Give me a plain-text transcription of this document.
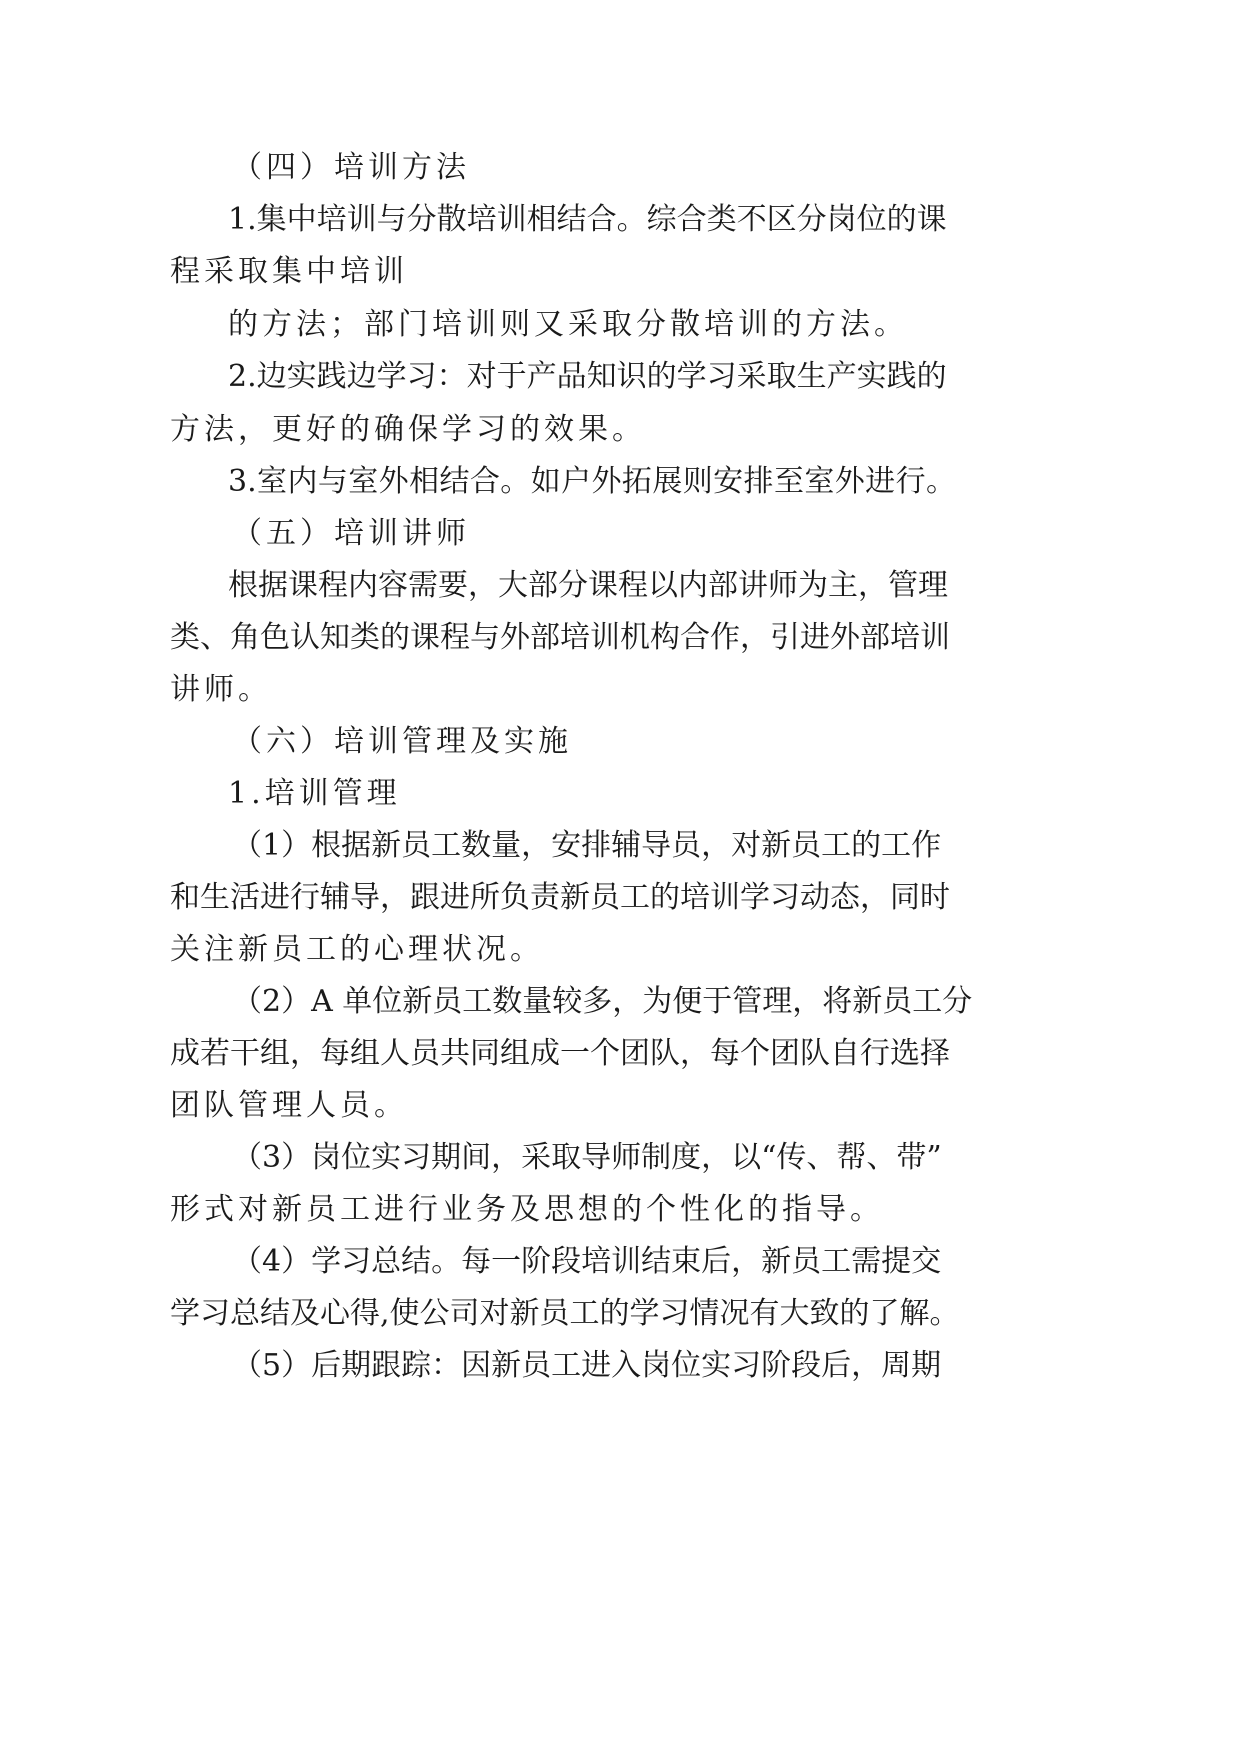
（四）培训方法

1.集中培训与分散培训相结合。综合类不区分岗位的课

程采取集中培训

的方法；部门培训则又采取分散培训的方法。

2.边实践边学习：对于产品知识的学习采取生产实践的

方法，更好的确保学习的效果。

3.室内与室外相结合。如户外拓展则安排至室外进行。

（五）培训讲师

根据课程内容需要，大部分课程以内部讲师为主，管理

类、角色认知类的课程与外部培训机构合作，引进外部培训

讲师。

（六）培训管理及实施

1.培训管理

（1）根据新员工数量，安排辅导员，对新员工的工作

和生活进行辅导，跟进所负责新员工的培训学习动态，同时

关注新员工的心理状况。

（2）A 单位新员工数量较多，为便于管理，将新员工分

成若干组，每组人员共同组成一个团队，每个团队自行选择

团队管理人员。

（3）岗位实习期间，采取导师制度，以“传、帮、带”

形式对新员工进行业务及思想的个性化的指导。

（4）学习总结。每一阶段培训结束后，新员工需提交

学习总结及心得,使公司对新员工的学习情况有大致的了解。

（5）后期跟踪：因新员工进入岗位实习阶段后，周期
